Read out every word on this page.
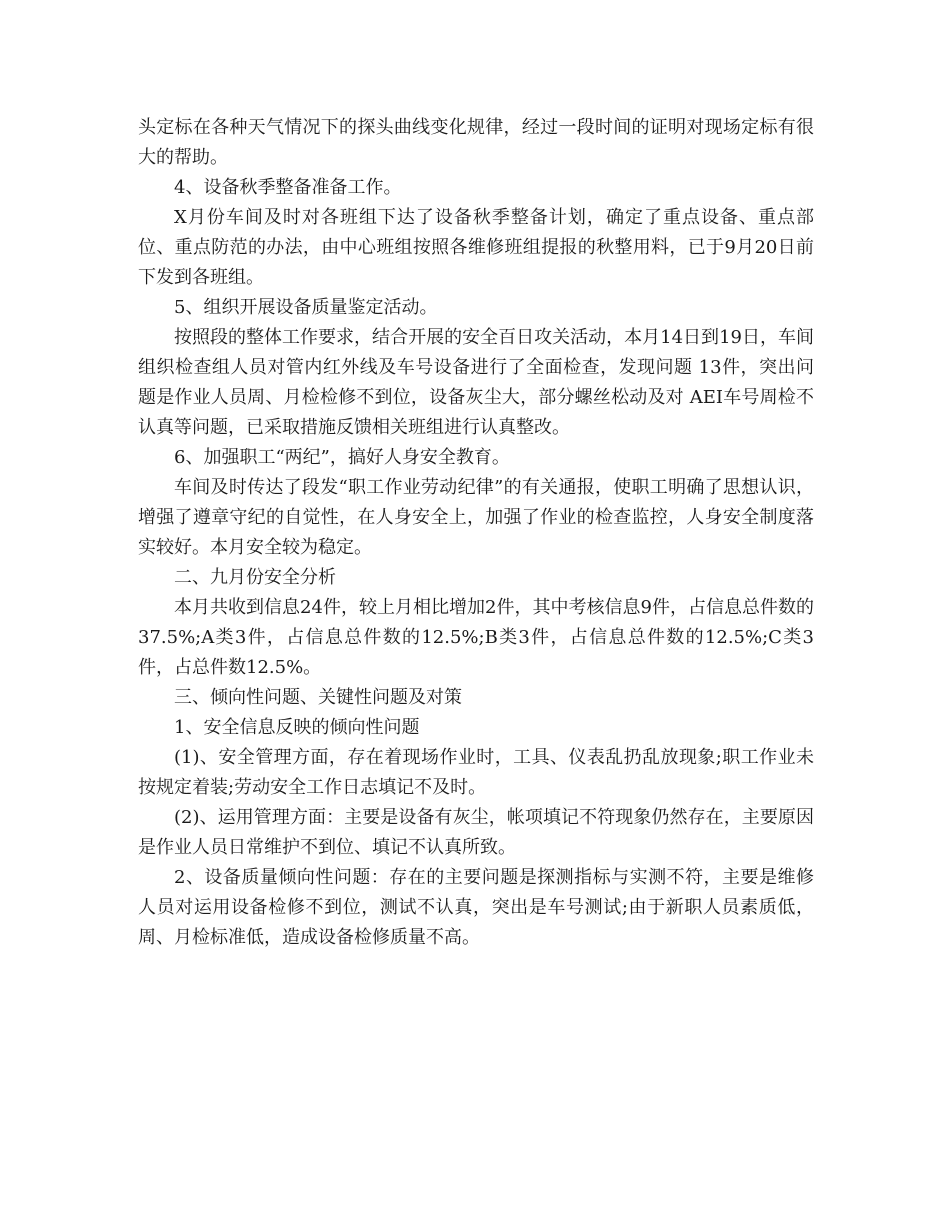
头定标在各种天气情况下的探头曲线变化规律，经过一段时间的证明对现场定标有很大的帮助。

4、设备秋季整备准备工作。

X月份车间及时对各班组下达了设备秋季整备计划，确定了重点设备、重点部位、重点防范的办法，由中心班组按照各维修班组提报的秋整用料，已于9月20日前下发到各班组。

5、组织开展设备质量鉴定活动。

按照段的整体工作要求，结合开展的安全百日攻关活动，本月14日到19日，车间组织检查组人员对管内红外线及车号设备进行了全面检查，发现问题 13件，突出问题是作业人员周、月检检修不到位，设备灰尘大，部分螺丝松动及对 AEI车号周检不认真等问题，已采取措施反馈相关班组进行认真整改。

6、加强职工“两纪”，搞好人身安全教育。

车间及时传达了段发“职工作业劳动纪律”的有关通报，使职工明确了思想认识，增强了遵章守纪的自觉性，在人身安全上，加强了作业的检查监控，人身安全制度落实较好。本月安全较为稳定。

二、九月份安全分析

本月共收到信息24件，较上月相比增加2件，其中考核信息9件，占信息总件数的37.5%;A类3件，占信息总件数的12.5%;B类3件，占信息总件数的12.5%;C类3件，占总件数12.5%。

三、倾向性问题、关键性问题及对策

1、安全信息反映的倾向性问题

(1)、安全管理方面，存在着现场作业时，工具、仪表乱扔乱放现象;职工作业未按规定着装;劳动安全工作日志填记不及时。

(2)、运用管理方面：主要是设备有灰尘，帐项填记不符现象仍然存在，主要原因是作业人员日常维护不到位、填记不认真所致。

2、设备质量倾向性问题：存在的主要问题是探测指标与实测不符，主要是维修人员对运用设备检修不到位，测试不认真，突出是车号测试;由于新职人员素质低，周、月检标准低，造成设备检修质量不高。
